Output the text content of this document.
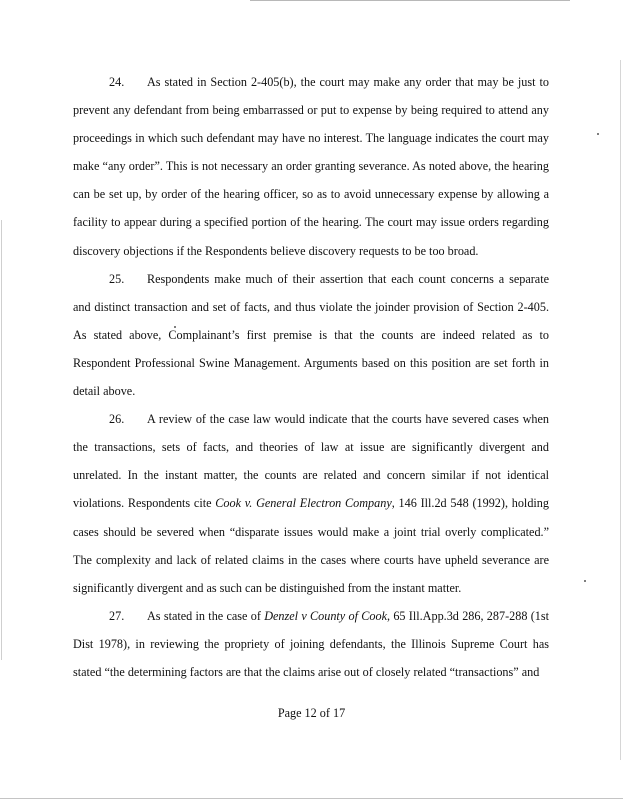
24. As stated in Section 2-405(b), the court may make any order that may be just to prevent any defendant from being embarrassed or put to expense by being required to attend any proceedings in which such defendant may have no interest. The language indicates the court may make “any order”. This is not necessary an order granting severance. As noted above, the hearing can be set up, by order of the hearing officer, so as to avoid unnecessary expense by allowing a facility to appear during a specified portion of the hearing. The court may issue orders regarding discovery objections if the Respondents believe discovery requests to be too broad.

25. Respondents make much of their assertion that each count concerns a separate and distinct transaction and set of facts, and thus violate the joinder provision of Section 2-405. As stated above, Complainant’s first premise is that the counts are indeed related as to Respondent Professional Swine Management. Arguments based on this position are set forth in detail above.

26. A review of the case law would indicate that the courts have severed cases when the transactions, sets of facts, and theories of law at issue are significantly divergent and unrelated. In the instant matter, the counts are related and concern similar if not identical violations. Respondents cite Cook v. General Electron Company, 146 Ill.2d 548 (1992), holding cases should be severed when “disparate issues would make a joint trial overly complicated.” The complexity and lack of related claims in the cases where courts have upheld severance are significantly divergent and as such can be distinguished from the instant matter.

27. As stated in the case of Denzel v County of Cook, 65 Ill.App.3d 286, 287-288 (1st Dist 1978), in reviewing the propriety of joining defendants, the Illinois Supreme Court has stated “the determining factors are that the claims arise out of closely related “transactions” and

Page 12 of 17
